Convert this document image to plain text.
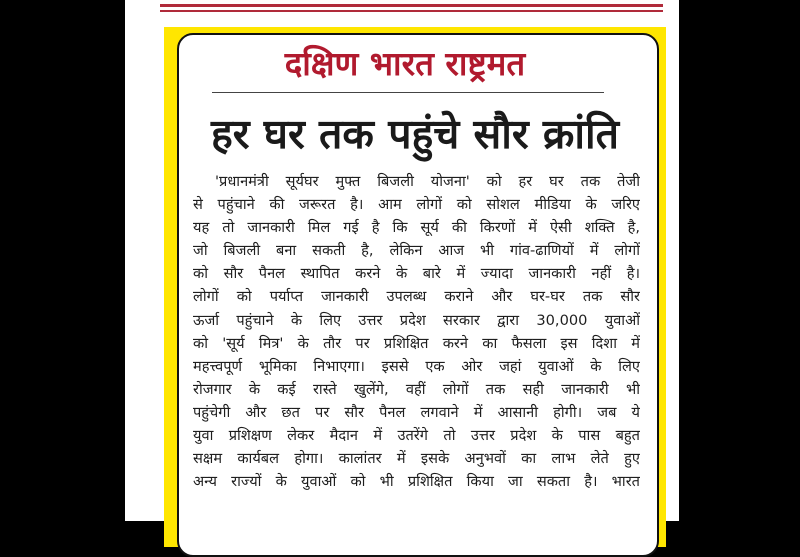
दक्षिण भारत राष्ट्रमत
हर घर तक पहुंचे सौर क्रांति
'प्रधानमंत्री सूर्यघर मुफ्त बिजली योजना' को हर घर तक तेजी
से पहुंचाने की जरूरत है। आम लोगों को सोशल मीडिया के जरिए
यह तो जानकारी मिल गई है कि सूर्य की किरणों में ऐसी शक्ति है,
जो बिजली बना सकती है, लेकिन आज भी गांव-ढाणियों में लोगों
को सौर पैनल स्थापित करने के बारे में ज्यादा जानकारी नहीं है।
लोगों को पर्याप्त जानकारी उपलब्ध कराने और घर-घर तक सौर
ऊर्जा पहुंचाने के लिए उत्तर प्रदेश सरकार द्वारा 30,000 युवाओं
को 'सूर्य मित्र' के तौर पर प्रशिक्षित करने का फैसला इस दिशा में
महत्त्वपूर्ण भूमिका निभाएगा। इससे एक ओर जहां युवाओं के लिए
रोजगार के कई रास्ते खुलेंगे, वहीं लोगों तक सही जानकारी भी
पहुंचेगी और छत पर सौर पैनल लगवाने में आसानी होगी। जब ये
युवा प्रशिक्षण लेकर मैदान में उतरेंगे तो उत्तर प्रदेश के पास बहुत
सक्षम कार्यबल होगा। कालांतर में इसके अनुभवों का लाभ लेते हुए
अन्य राज्यों के युवाओं को भी प्रशिक्षित किया जा सकता है। भारत
